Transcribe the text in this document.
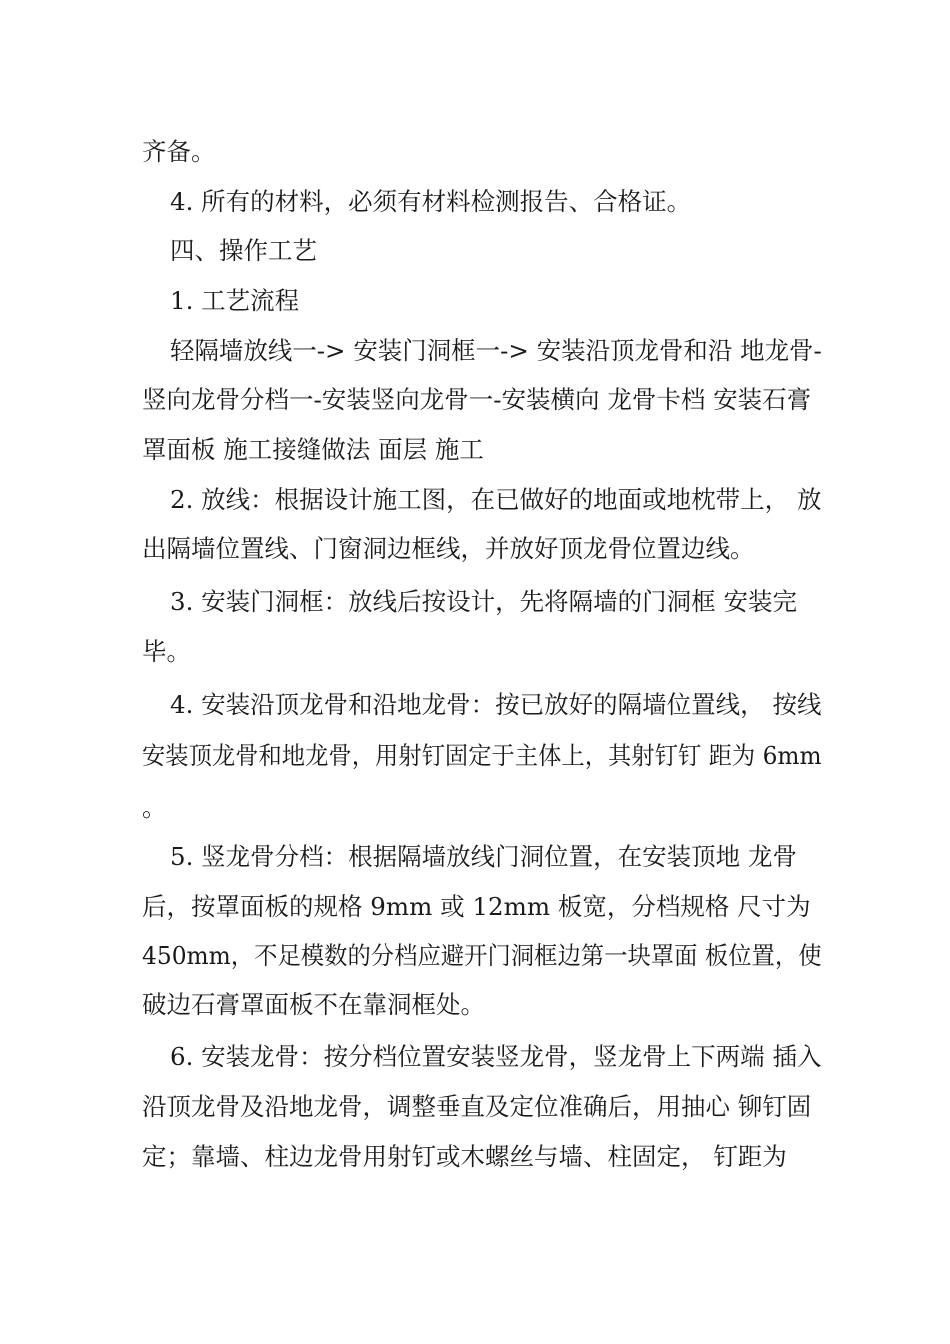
齐备。
4. 所有的材料，必须有材料检测报告、合格证。
四、操作工艺
1. 工艺流程
轻隔墙放线一-> 安装门洞框一-> 安装沿顶龙骨和沿 地龙骨-
竖向龙骨分档一-安装竖向龙骨一-安装横向 龙骨卡档 安装石膏
罩面板 施工接缝做法 面层 施工
2. 放线：根据设计施工图，在已做好的地面或地枕带上， 放
出隔墙位置线、门窗洞边框线，并放好顶龙骨位置边线。
3. 安装门洞框：放线后按设计，先将隔墙的门洞框 安装完
毕。
4. 安装沿顶龙骨和沿地龙骨：按已放好的隔墙位置线， 按线
安装顶龙骨和地龙骨，用射钉固定于主体上，其射钉钉 距为 6mm
。
5. 竖龙骨分档：根据隔墙放线门洞位置，在安装顶地 龙骨
后，按罩面板的规格 9mm 或 12mm 板宽，分档规格 尺寸为
450mm，不足模数的分档应避开门洞框边第一块罩面 板位置，使
破边石膏罩面板不在靠洞框处。
6. 安装龙骨：按分档位置安装竖龙骨，竖龙骨上下两端 插入
沿顶龙骨及沿地龙骨，调整垂直及定位准确后，用抽心 铆钉固
定；靠墙、柱边龙骨用射钉或木螺丝与墙、柱固定， 钉距为
